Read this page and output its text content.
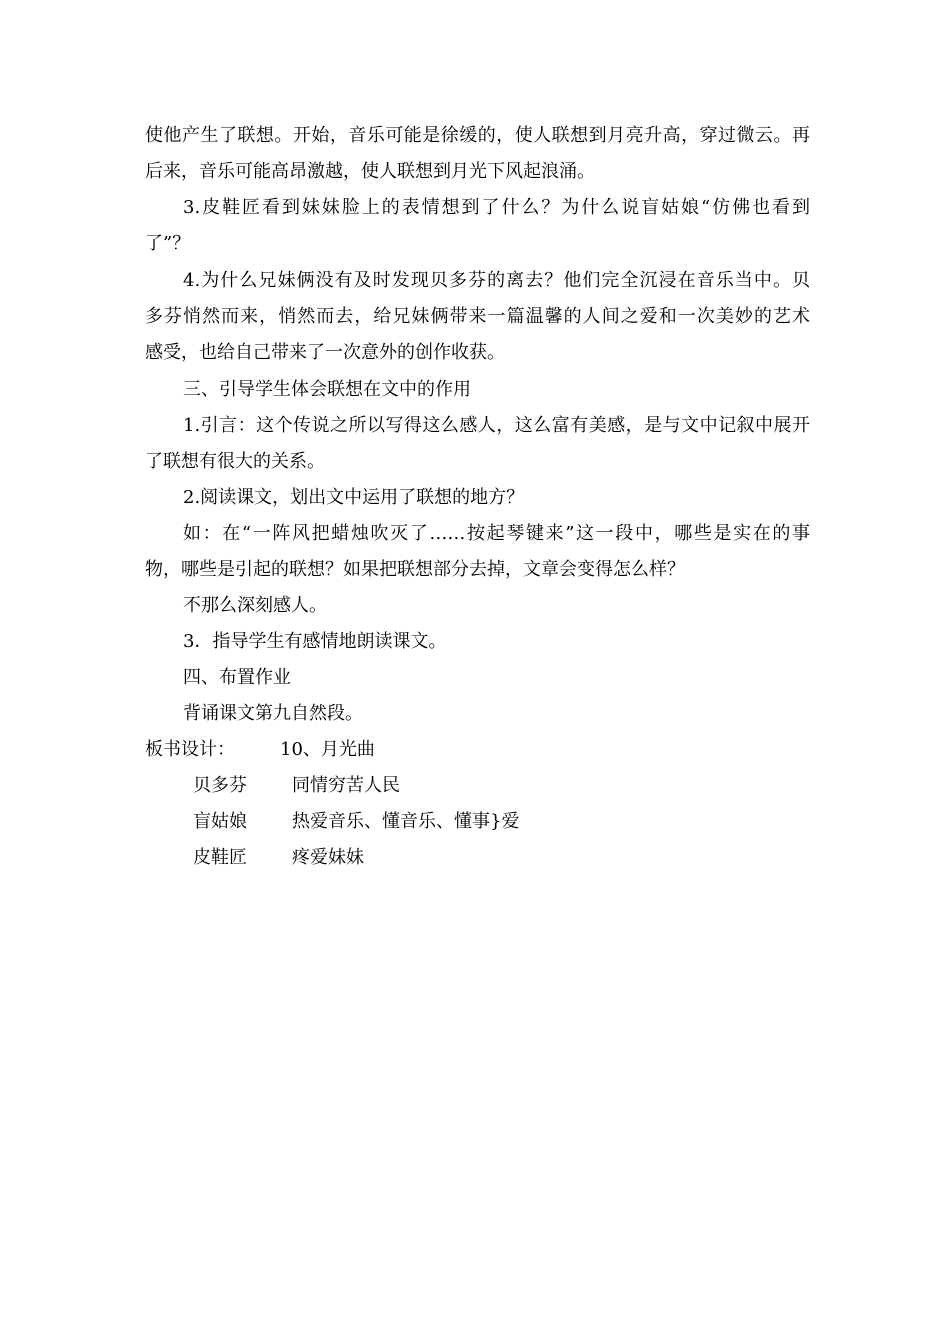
使他产生了联想。开始，音乐可能是徐缓的，使人联想到月亮升高，穿过微云。再
后来，音乐可能高昂激越，使人联想到月光下风起浪涌。
3.皮鞋匠看到妹妹脸上的表情想到了什么？为什么说盲姑娘“仿佛也看到
了”？
4.为什么兄妹俩没有及时发现贝多芬的离去？他们完全沉浸在音乐当中。贝
多芬悄然而来，悄然而去，给兄妹俩带来一篇温馨的人间之爱和一次美妙的艺术
感受，也给自己带来了一次意外的创作收获。
三、引导学生体会联想在文中的作用
1.引言：这个传说之所以写得这么感人，这么富有美感，是与文中记叙中展开
了联想有很大的关系。
2.阅读课文，划出文中运用了联想的地方？
如：在“一阵风把蜡烛吹灭了……按起琴键来”这一段中，哪些是实在的事
物，哪些是引起的联想？如果把联想部分去掉，文章会变得怎么样？
不那么深刻感人。
3．指导学生有感情地朗读课文。
四、布置作业
背诵课文第九自然段。
板书设计：	10、月光曲
贝多芬	同情穷苦人民
盲姑娘	热爱音乐、懂音乐、懂事}爱
皮鞋匠	疼爱妹妹
